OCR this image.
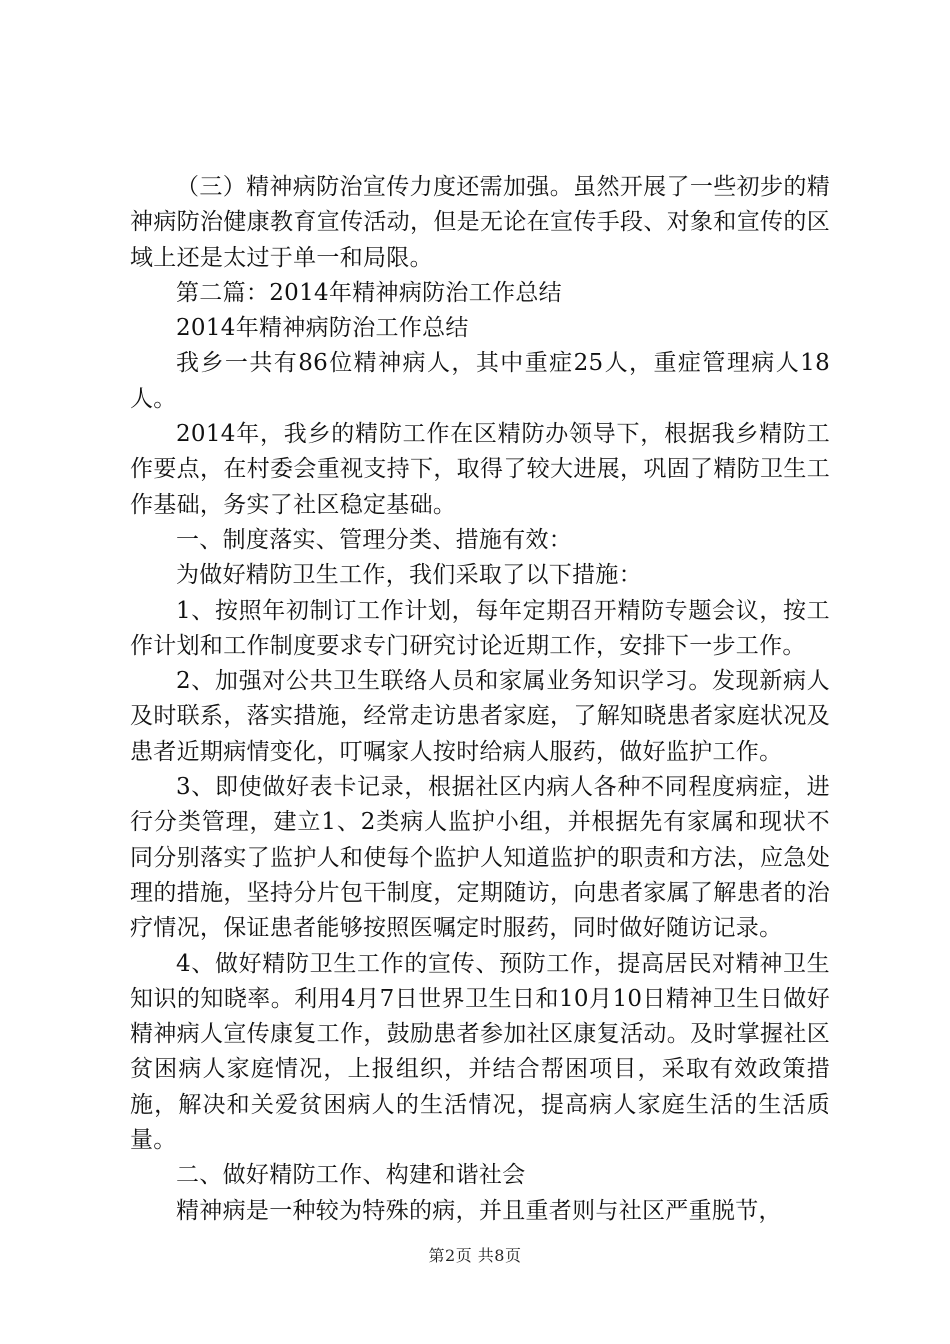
（三）精神病防治宣传力度还需加强。虽然开展了一些初步的精神病防治健康教育宣传活动，但是无论在宣传手段、对象和宣传的区域上还是太过于单一和局限。

第二篇：2014年精神病防治工作总结

2014年精神病防治工作总结

我乡一共有86位精神病人，其中重症25人，重症管理病人18人。

2014年，我乡的精防工作在区精防办领导下，根据我乡精防工作要点，在村委会重视支持下，取得了较大进展，巩固了精防卫生工作基础，务实了社区稳定基础。

一、制度落实、管理分类、措施有效：

为做好精防卫生工作，我们采取了以下措施：

1、按照年初制订工作计划，每年定期召开精防专题会议，按工作计划和工作制度要求专门研究讨论近期工作，安排下一步工作。

2、加强对公共卫生联络人员和家属业务知识学习。发现新病人及时联系，落实措施，经常走访患者家庭，了解知晓患者家庭状况及患者近期病情变化，叮嘱家人按时给病人服药，做好监护工作。

3、即使做好表卡记录，根据社区内病人各种不同程度病症，进行分类管理，建立1、2类病人监护小组，并根据先有家属和现状不同分别落实了监护人和使每个监护人知道监护的职责和方法，应急处理的措施，坚持分片包干制度，定期随访，向患者家属了解患者的治疗情况，保证患者能够按照医嘱定时服药，同时做好随访记录。

4、做好精防卫生工作的宣传、预防工作，提高居民对精神卫生知识的知晓率。利用4月7日世界卫生日和10月10日精神卫生日做好精神病人宣传康复工作，鼓励患者参加社区康复活动。及时掌握社区贫困病人家庭情况，上报组织，并结合帮困项目，采取有效政策措施，解决和关爱贫困病人的生活情况，提高病人家庭生活的生活质量。

二、做好精防工作、构建和谐社会

精神病是一种较为特殊的病，并且重者则与社区严重脱节，

第2页 共8页
